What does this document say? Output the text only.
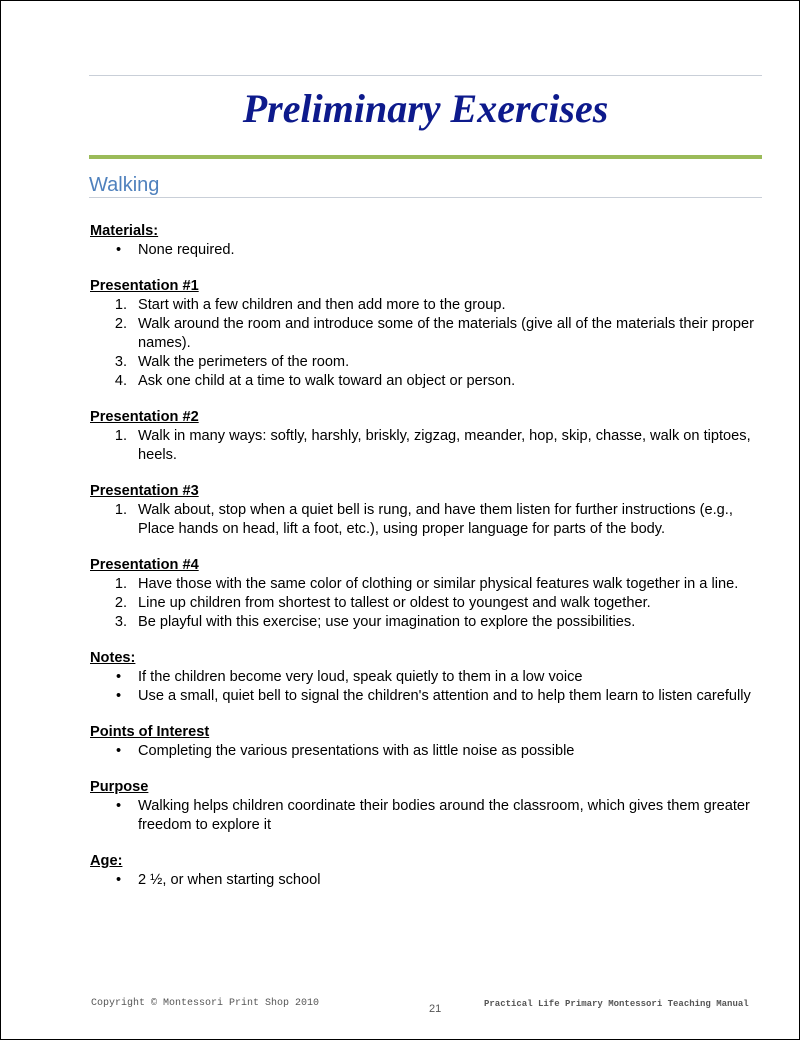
Preliminary Exercises
Walking
Materials:
•	None required.
Presentation #1
1. Start with a few children and then add more to the group.
2. Walk around the room and introduce some of the materials (give all of the materials their proper names).
3. Walk the perimeters of the room.
4. Ask one child at a time to walk toward an object or person.
Presentation #2
1. Walk in many ways: softly, harshly, briskly, zigzag, meander, hop, skip, chasse, walk on tiptoes, heels.
Presentation #3
1. Walk about, stop when a quiet bell is rung, and have them listen for further instructions (e.g., Place hands on head, lift a foot, etc.), using proper language for parts of the body.
Presentation #4
1. Have those with the same color of clothing or similar physical features walk together in a line.
2. Line up children from shortest to tallest or oldest to youngest and walk together.
3. Be playful with this exercise; use your imagination to explore the possibilities.
Notes:
•	If the children become very loud, speak quietly to them in a low voice
•	Use a small, quiet bell to signal the children's attention and to help them learn to listen carefully
Points of Interest
•	Completing the various presentations with as little noise as possible
Purpose
•	Walking helps children coordinate their bodies around the classroom, which gives them greater freedom to explore it
Age:
•	2 ½, or when starting school
Copyright © Montessori Print Shop 2010	21	Practical Life Primary Montessori Teaching Manual
